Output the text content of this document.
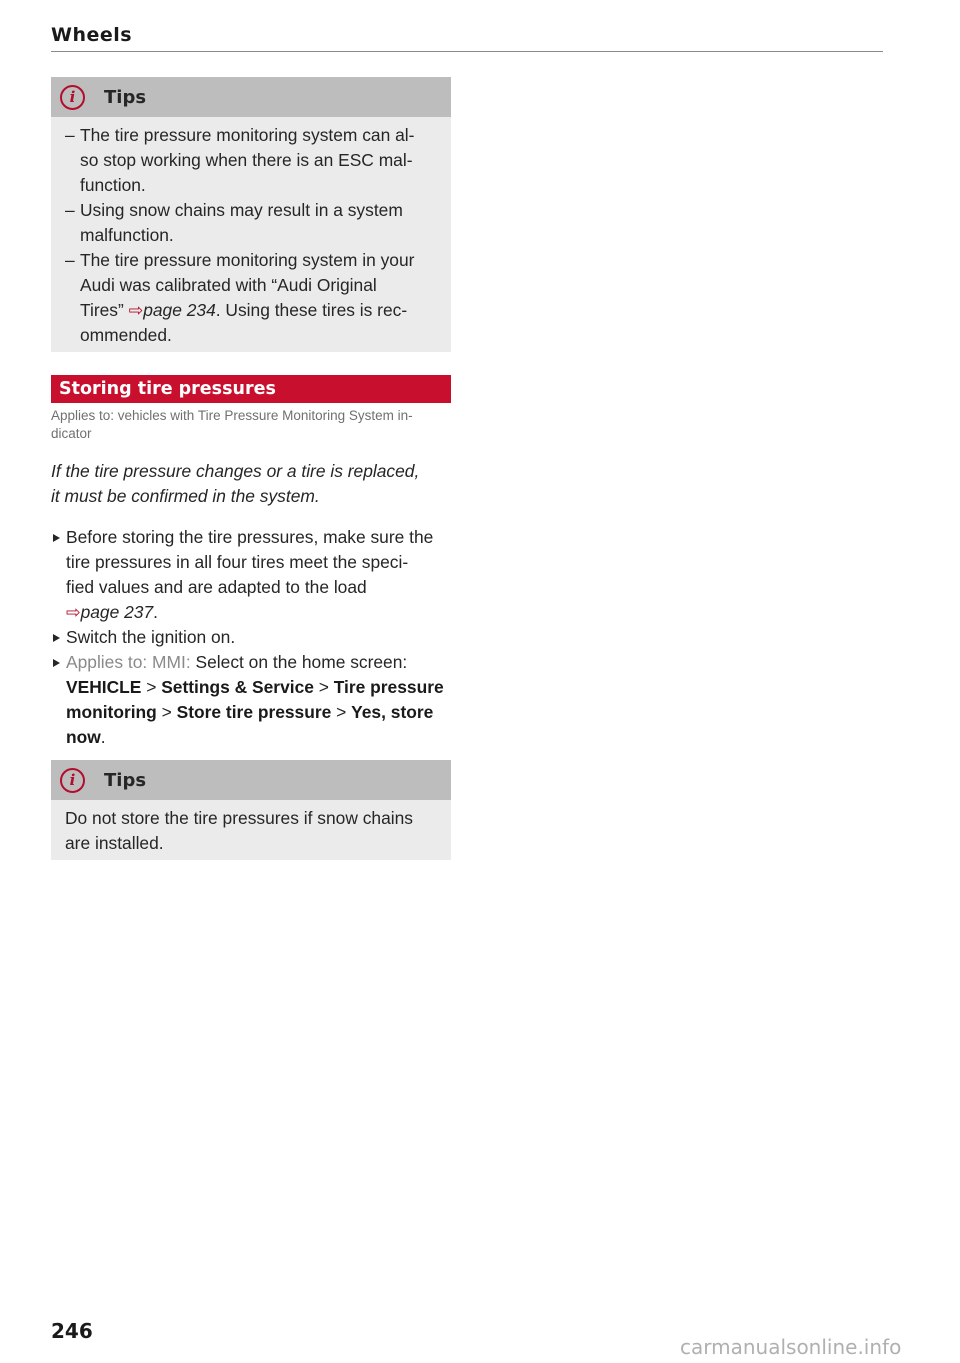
Wheels
i	Tips
– The tire pressure monitoring system can al-
so stop working when there is an ESC mal-
function.
– Using snow chains may result in a system
malfunction.
– The tire pressure monitoring system in your
Audi was calibrated with “Audi Original
Tires” ⇨page 234. Using these tires is rec-
ommended.
Storing tire pressures
Applies to: vehicles with Tire Pressure Monitoring System in-
dicator
If the tire pressure changes or a tire is replaced,
it must be confirmed in the system.
Before storing the tire pressures, make sure the
tire pressures in all four tires meet the speci-
fied values and are adapted to the load
⇨page 237.
Switch the ignition on.
Applies to: MMI: Select on the home screen:
VEHICLE > Settings & Service > Tire pressure
monitoring > Store tire pressure > Yes, store
now.
i	Tips
Do not store the tire pressures if snow chains
are installed.
246
carmanualsonline.info
